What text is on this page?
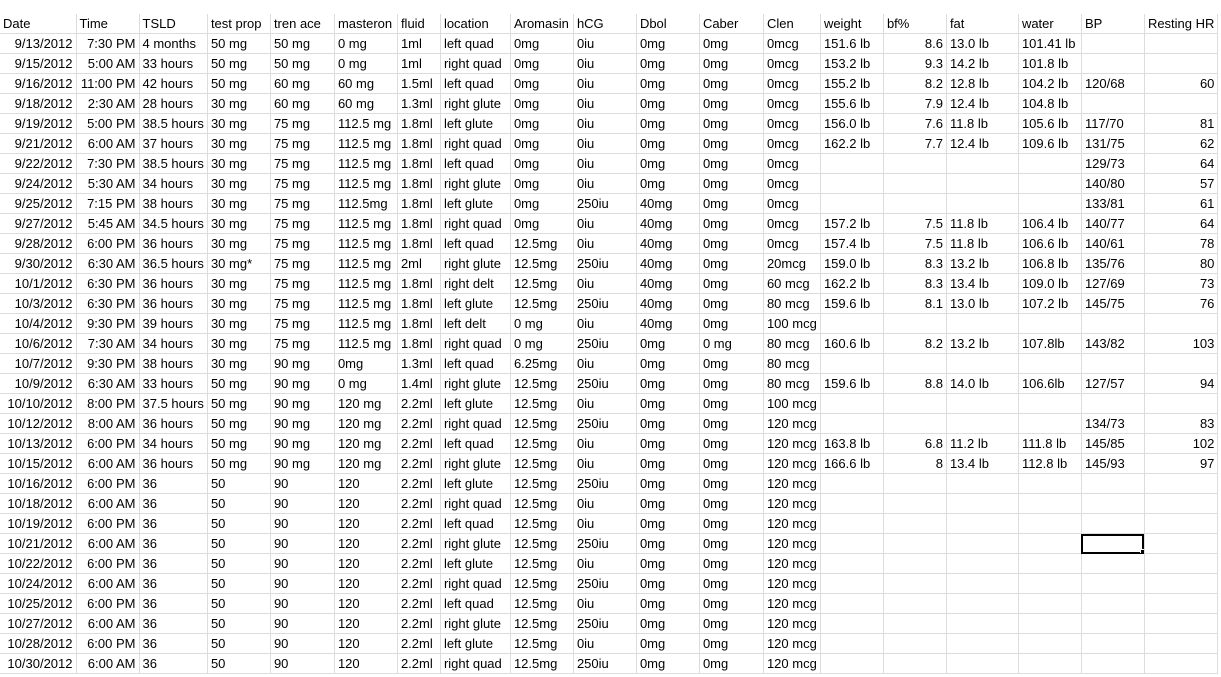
Date	Time	TSLD	test prop	tren ace	masteron	fluid	location	Aromasin	hCG	Dbol	Caber	Clen	weight	bf%	fat	water	BP	Resting HR
9/13/2012	7:30 PM	4 months	50 mg	50 mg	0 mg	1ml	left quad	0mg	0iu	0mg	0mg	0mcg	151.6 lb	8.6	13.0 lb	101.41 lb		
9/15/2012	5:00 AM	33 hours	50 mg	50 mg	0 mg	1ml	right quad	0mg	0iu	0mg	0mg	0mcg	153.2 lb	9.3	14.2 lb	101.8 lb		
9/16/2012	11:00 PM	42 hours	50 mg	60 mg	60 mg	1.5ml	left quad	0mg	0iu	0mg	0mg	0mcg	155.2 lb	8.2	12.8 lb	104.2 lb	120/68	60
9/18/2012	2:30 AM	28 hours	30 mg	60 mg	60 mg	1.3ml	right glute	0mg	0iu	0mg	0mg	0mcg	155.6 lb	7.9	12.4 lb	104.8 lb		
9/19/2012	5:00 PM	38.5 hours	30 mg	75 mg	112.5 mg	1.8ml	left glute	0mg	0iu	0mg	0mg	0mcg	156.0 lb	7.6	11.8 lb	105.6 lb	117/70	81
9/21/2012	6:00 AM	37 hours	30 mg	75 mg	112.5 mg	1.8ml	right quad	0mg	0iu	0mg	0mg	0mcg	162.2 lb	7.7	12.4 lb	109.6 lb	131/75	62
9/22/2012	7:30 PM	38.5 hours	30 mg	75 mg	112.5 mg	1.8ml	left quad	0mg	0iu	0mg	0mg	0mcg					129/73	64
9/24/2012	5:30 AM	34 hours	30 mg	75 mg	112.5 mg	1.8ml	right glute	0mg	0iu	0mg	0mg	0mcg					140/80	57
9/25/2012	7:15 PM	38 hours	30 mg	75 mg	112.5mg	1.8ml	left glute	0mg	250iu	40mg	0mg	0mcg					133/81	61
9/27/2012	5:45 AM	34.5 hours	30 mg	75 mg	112.5 mg	1.8ml	right quad	0mg	0iu	40mg	0mg	0mcg	157.2 lb	7.5	11.8 lb	106.4 lb	140/77	64
9/28/2012	6:00 PM	36 hours	30 mg	75 mg	112.5 mg	1.8ml	left quad	12.5mg	0iu	40mg	0mg	0mcg	157.4 lb	7.5	11.8 lb	106.6 lb	140/61	78
9/30/2012	6:30 AM	36.5 hours	30 mg*	75 mg	112.5 mg	2ml	right glute	12.5mg	250iu	40mg	0mg	20mcg	159.0 lb	8.3	13.2 lb	106.8 lb	135/76	80
10/1/2012	6:30 PM	36 hours	30 mg	75 mg	112.5 mg	1.8ml	right delt	12.5mg	0iu	40mg	0mg	60 mcg	162.2 lb	8.3	13.4 lb	109.0 lb	127/69	73
10/3/2012	6:30 PM	36 hours	30 mg	75 mg	112.5 mg	1.8ml	left glute	12.5mg	250iu	40mg	0mg	80 mcg	159.6 lb	8.1	13.0 lb	107.2 lb	145/75	76
10/4/2012	9:30 PM	39 hours	30 mg	75 mg	112.5 mg	1.8ml	left delt	0 mg	0iu	40mg	0mg	100 mcg						
10/6/2012	7:30 AM	34 hours	30 mg	75 mg	112.5 mg	1.8ml	right quad	0 mg	250iu	0mg	0 mg	80 mcg	160.6 lb	8.2	13.2 lb	107.8lb	143/82	103
10/7/2012	9:30 PM	38 hours	30 mg	90 mg	0mg	1.3ml	left quad	6.25mg	0iu	0mg	0mg	80 mcg						
10/9/2012	6:30 AM	33 hours	50 mg	90 mg	0 mg	1.4ml	right glute	12.5mg	250iu	0mg	0mg	80 mcg	159.6 lb	8.8	14.0 lb	106.6lb	127/57	94
10/10/2012	8:00 PM	37.5 hours	50 mg	90 mg	120 mg	2.2ml	left glute	12.5mg	0iu	0mg	0mg	100 mcg						
10/12/2012	8:00 AM	36 hours	50 mg	90 mg	120 mg	2.2ml	right quad	12.5mg	250iu	0mg	0mg	120 mcg					134/73	83
10/13/2012	6:00 PM	34 hours	50 mg	90 mg	120 mg	2.2ml	left quad	12.5mg	0iu	0mg	0mg	120 mcg	163.8 lb	6.8	11.2 lb	111.8 lb	145/85	102
10/15/2012	6:00 AM	36 hours	50 mg	90 mg	120 mg	2.2ml	right glute	12.5mg	0iu	0mg	0mg	120 mcg	166.6 lb	8	13.4 lb	112.8 lb	145/93	97
10/16/2012	6:00 PM	36	50	90	120	2.2ml	left glute	12.5mg	250iu	0mg	0mg	120 mcg						
10/18/2012	6:00 AM	36	50	90	120	2.2ml	right quad	12.5mg	0iu	0mg	0mg	120 mcg						
10/19/2012	6:00 PM	36	50	90	120	2.2ml	left quad	12.5mg	0iu	0mg	0mg	120 mcg						
10/21/2012	6:00 AM	36	50	90	120	2.2ml	right glute	12.5mg	250iu	0mg	0mg	120 mcg						
10/22/2012	6:00 PM	36	50	90	120	2.2ml	left glute	12.5mg	0iu	0mg	0mg	120 mcg						
10/24/2012	6:00 AM	36	50	90	120	2.2ml	right quad	12.5mg	250iu	0mg	0mg	120 mcg						
10/25/2012	6:00 PM	36	50	90	120	2.2ml	left quad	12.5mg	0iu	0mg	0mg	120 mcg						
10/27/2012	6:00 AM	36	50	90	120	2.2ml	right glute	12.5mg	250iu	0mg	0mg	120 mcg						
10/28/2012	6:00 PM	36	50	90	120	2.2ml	left glute	12.5mg	0iu	0mg	0mg	120 mcg						
10/30/2012	6:00 AM	36	50	90	120	2.2ml	right quad	12.5mg	250iu	0mg	0mg	120 mcg						
